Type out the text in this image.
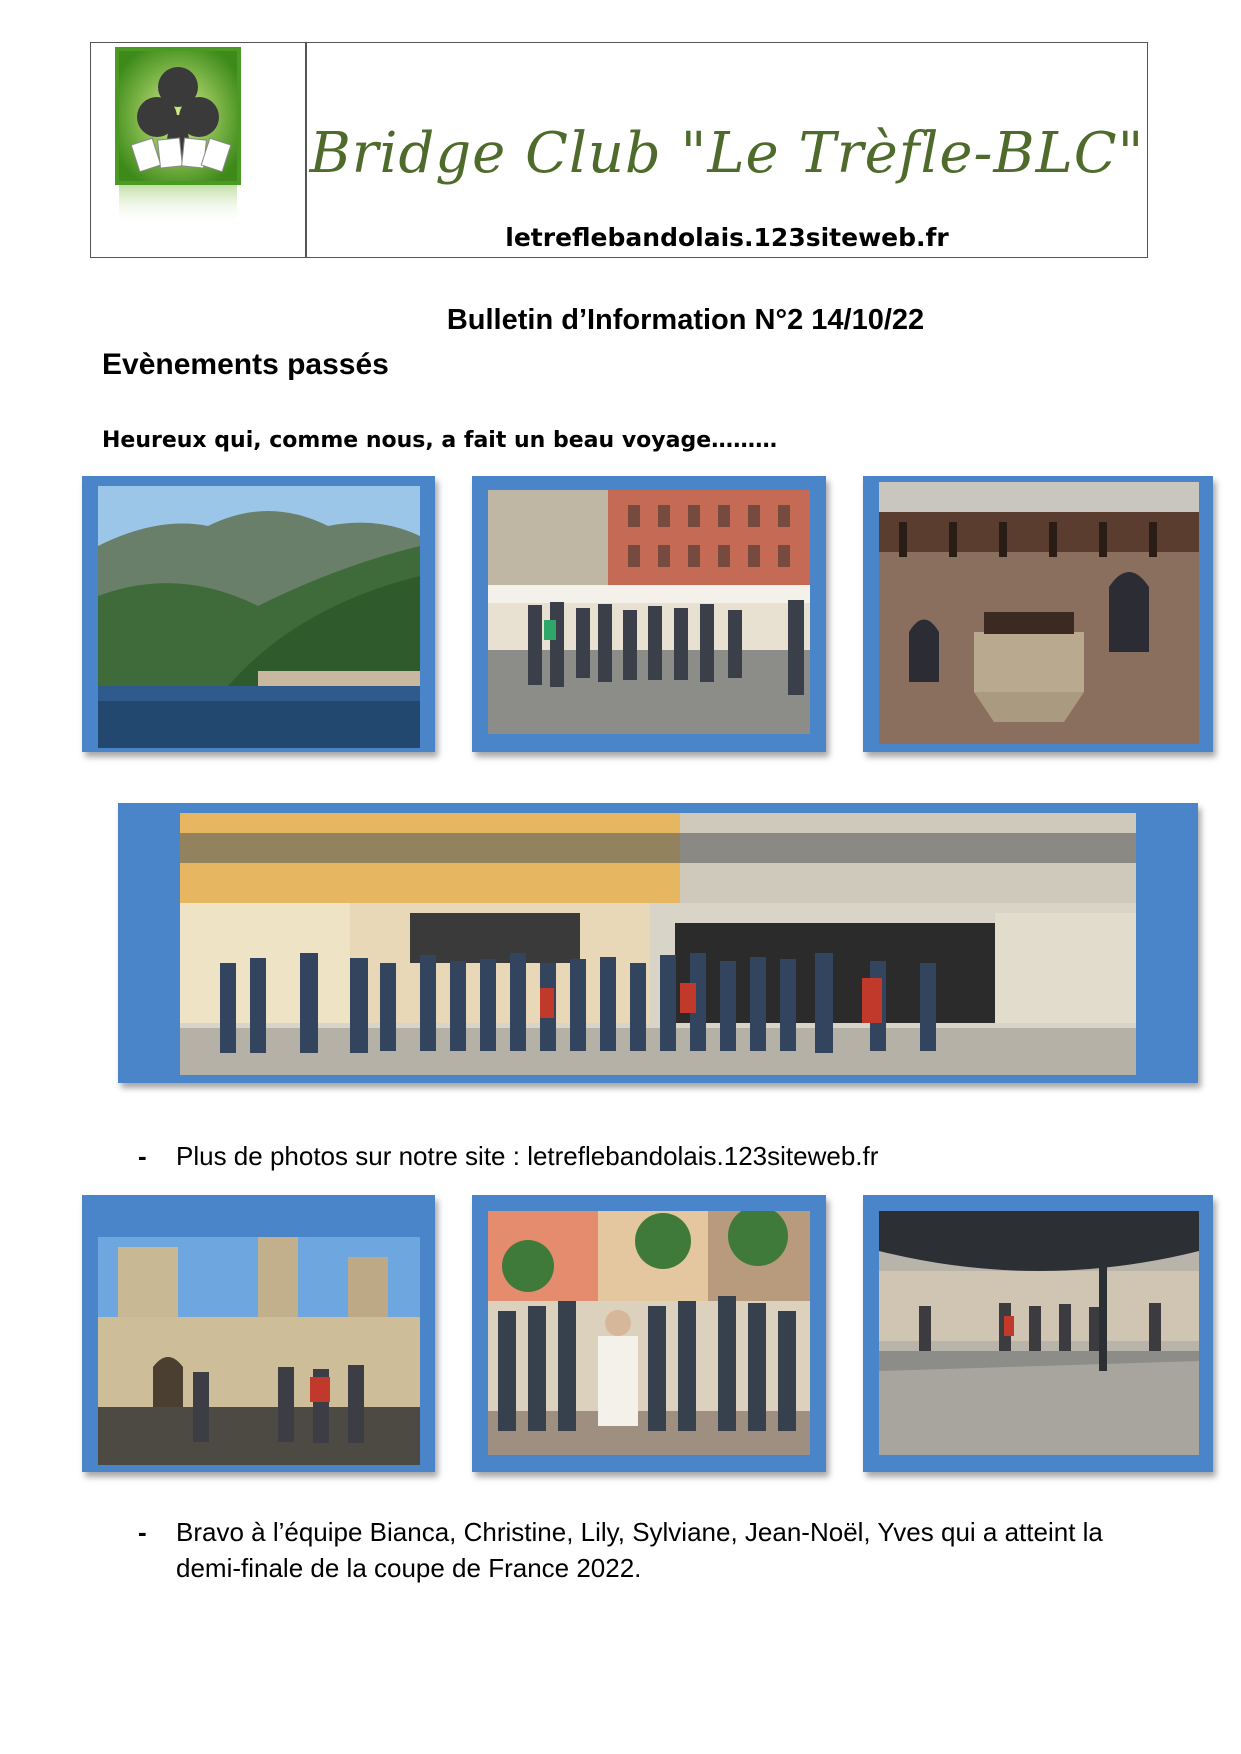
Bridge Club "Le Trèfle-BLC"
letreflebandolais.123siteweb.fr
Bulletin d’Information N°2 14/10/22
Evènements passés
Heureux qui, comme nous, a fait un beau voyage………
- Plus de photos sur notre site : letreflebandolais.123siteweb.fr
- Bravo à l’équipe Bianca, Christine, Lily, Sylviane, Jean-Noël, Yves qui a atteint la demi-finale de la coupe de France 2022.
